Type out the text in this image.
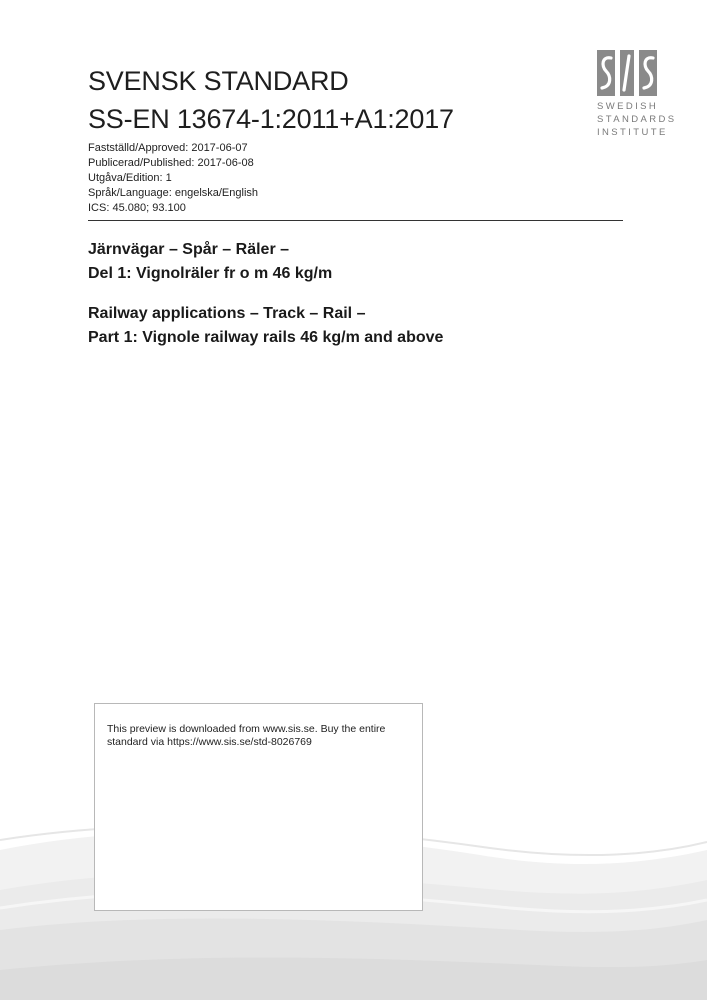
SVENSK STANDARD
SS-EN 13674-1:2011+A1:2017
Fastställd/Approved: 2017-06-07
Publicerad/Published: 2017-06-08
Utgåva/Edition: 1
Språk/Language: engelska/English
ICS: 45.080; 93.100
Järnvägar – Spår – Räler –
Del 1: Vignolräler fr o m 46 kg/m
Railway applications – Track – Rail –
Part 1: Vignole railway rails 46 kg/m and above
SWEDISH
STANDARDS
INSTITUTE
This preview is downloaded from www.sis.se. Buy the entire standard via https://www.sis.se/std-8026769
